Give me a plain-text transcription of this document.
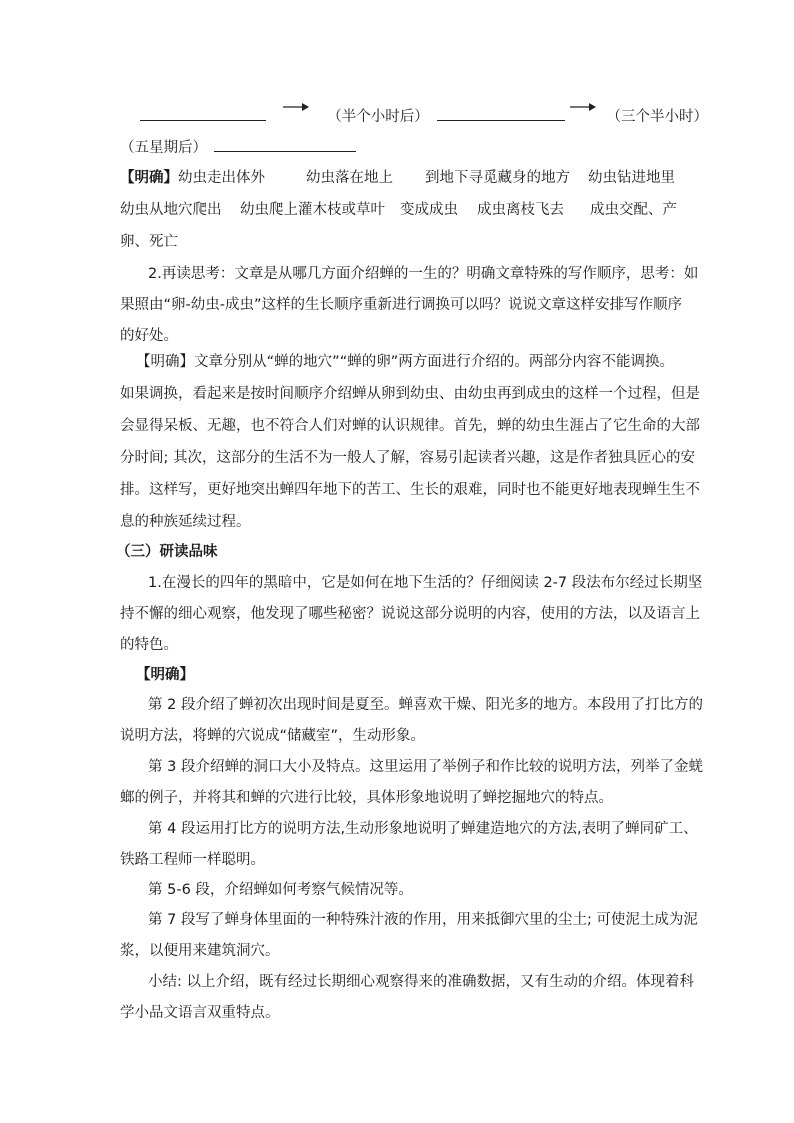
（半个小时后）	（三个半小时）
（五星期后）
【明确】幼虫走出体外	幼虫落在地上 到地下寻觅藏身的地方 幼虫钻进地里
幼虫从地穴爬出 幼虫爬上灌木枝或草叶 变成成虫 成虫离枝飞去 成虫交配、产
卵、死亡
2.再读思考：文章是从哪几方面介绍蝉的一生的？明确文章特殊的写作顺序，思考：如
果照由“卵-幼虫-成虫”这样的生长顺序重新进行调换可以吗？说说文章这样安排写作顺序
的好处。
【明确】文章分别从“蝉的地穴”“蝉的卵”两方面进行介绍的。两部分内容不能调换。
如果调换，看起来是按时间顺序介绍蝉从卵到幼虫、由幼虫再到成虫的这样一个过程，但是
会显得呆板、无趣，也不符合人们对蝉的认识规律。首先，蝉的幼虫生涯占了它生命的大部
分时间; 其次，这部分的生活不为一般人了解，容易引起读者兴趣，这是作者独具匠心的安
排。这样写，更好地突出蝉四年地下的苦工、生长的艰难，同时也不能更好地表现蝉生生不
息的种族延续过程。
（三）研读品味
1.在漫长的四年的黑暗中，它是如何在地下生活的？仔细阅读 2-7 段法布尔经过长期坚
持不懈的细心观察，他发现了哪些秘密？说说这部分说明的内容，使用的方法，以及语言上
的特色。
【明确】
第 2 段介绍了蝉初次出现时间是夏至。蝉喜欢干燥、阳光多的地方。本段用了打比方的
说明方法，将蝉的穴说成“储藏室”，生动形象。
第 3 段介绍蝉的洞口大小及特点。这里运用了举例子和作比较的说明方法，列举了金蜣
螂的例子，并将其和蝉的穴进行比较，具体形象地说明了蝉挖掘地穴的特点。
第 4 段运用打比方的说明方法,生动形象地说明了蝉建造地穴的方法,表明了蝉同矿工、
铁路工程师一样聪明。
第 5-6 段，介绍蝉如何考察气候情况等。
第 7 段写了蝉身体里面的一种特殊汁液的作用，用来抵御穴里的尘土; 可使泥土成为泥
浆，以便用来建筑洞穴。
小结: 以上介绍，既有经过长期细心观察得来的准确数据，又有生动的介绍。体现着科
学小品文语言双重特点。
